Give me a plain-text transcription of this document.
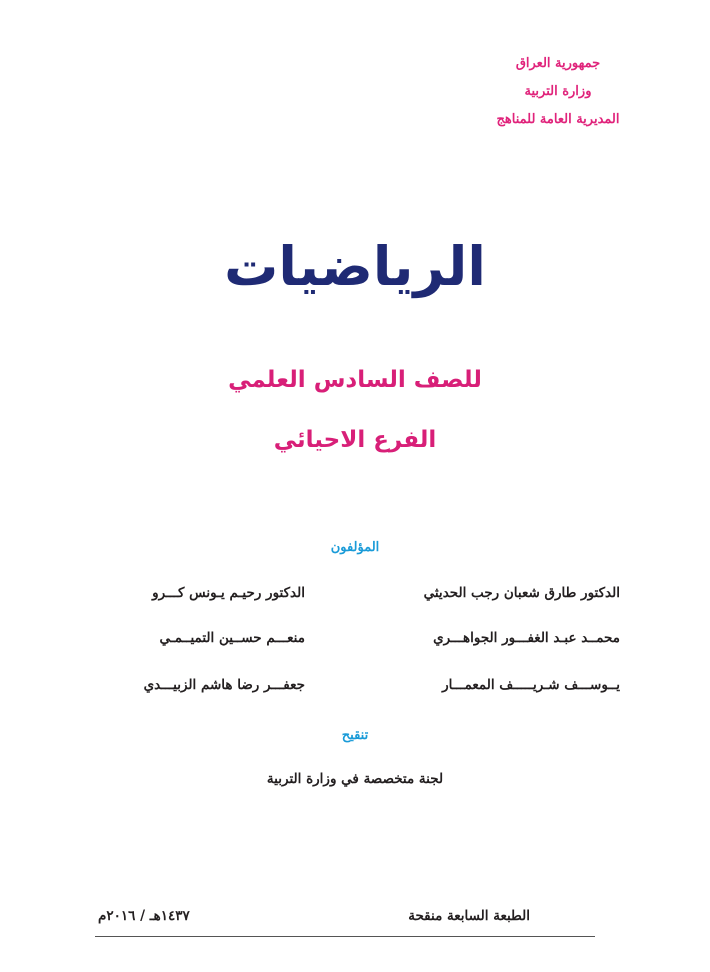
جمهورية العراق
وزارة التربية
المديرية العامة للمناهج
الرياضيات
للصف السادس العلمي
الفرع الاحيائي
المؤلفون
الدكتور طارق شعبان رجب الحديثي
الدكتور رحيـم يـونس كـــرو
محمــد عبـد الغفـــور الجواهـــري
منعـــم حســين التميــمـي
يــوســـف شـريـــــف المعمـــار
جعفـــر رضا هاشم الزبيـــدي
تنقيح
لجنة متخصصة في وزارة التربية
الطبعة السابعة منقحة
١٤٣٧هـ / ٢٠١٦م
